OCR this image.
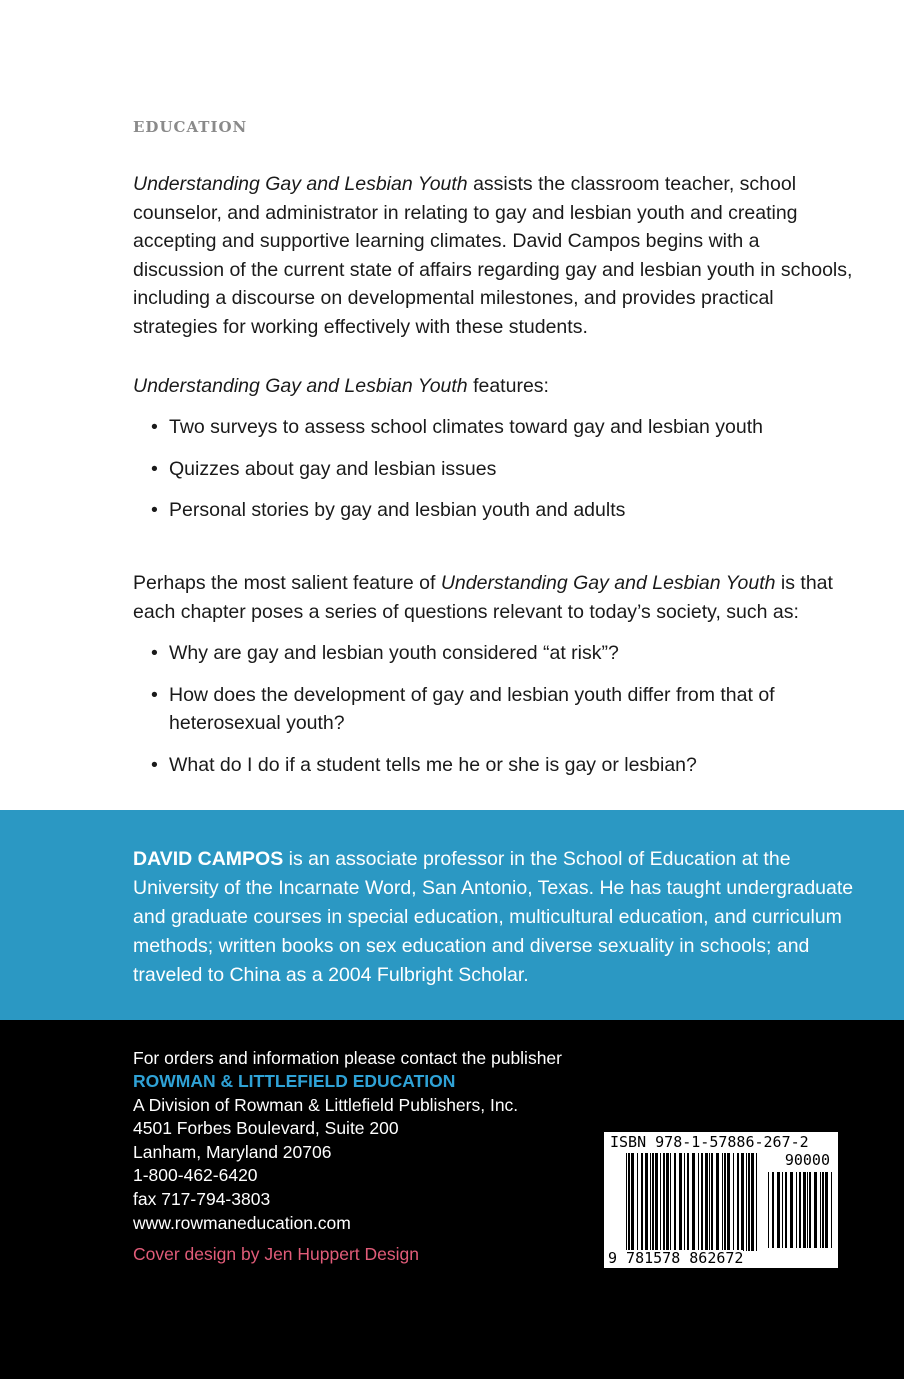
EDUCATION
Understanding Gay and Lesbian Youth assists the classroom teacher, school counselor, and administrator in relating to gay and lesbian youth and creating accepting and supportive learning climates. David Campos begins with a discussion of the current state of affairs regarding gay and lesbian youth in schools, including a discourse on developmental milestones, and provides practical strategies for working effectively with these students.
Understanding Gay and Lesbian Youth features:
• Two surveys to assess school climates toward gay and lesbian youth
• Quizzes about gay and lesbian issues
• Personal stories by gay and lesbian youth and adults
Perhaps the most salient feature of Understanding Gay and Lesbian Youth is that each chapter poses a series of questions relevant to today’s society, such as:
• Why are gay and lesbian youth considered “at risk”?
• How does the development of gay and lesbian youth differ from that of heterosexual youth?
• What do I do if a student tells me he or she is gay or lesbian?
DAVID CAMPOS is an associate professor in the School of Education at the University of the Incarnate Word, San Antonio, Texas. He has taught undergraduate and graduate courses in special education, multicultural education, and curriculum methods; written books on sex education and diverse sexuality in schools; and traveled to China as a 2004 Fulbright Scholar.
For orders and information please contact the publisher
ROWMAN & LITTLEFIELD EDUCATION
A Division of Rowman & Littlefield Publishers, Inc.
4501 Forbes Boulevard, Suite 200
Lanham, Maryland 20706
1-800-462-6420
fax 717-794-3803
www.rowmaneducation.com
Cover design by Jen Huppert Design
ISBN 978-1-57886-267-2
90000
9 781578 862672
